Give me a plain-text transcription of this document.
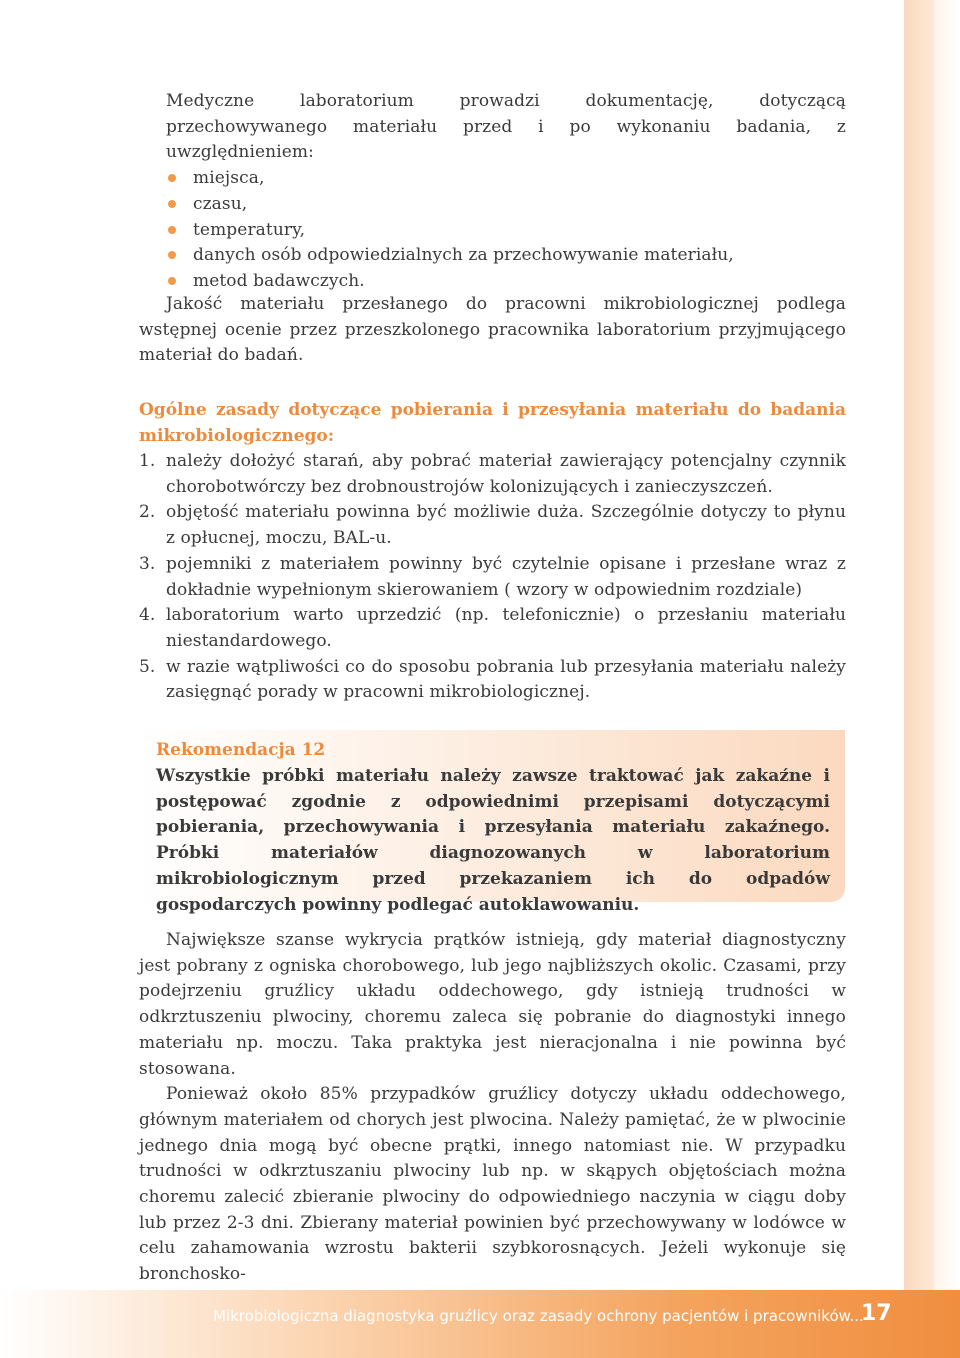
Medyczne laboratorium prowadzi dokumentację, dotyczącą przechowywanego materiału przed i po wykonaniu badania, z uwzględnieniem:
miejsca,
czasu,
temperatury,
danych osób odpowiedzialnych za przechowywanie materiału,
metod badawczych.
Jakość materiału przesłanego do pracowni mikrobiologicznej podlega wstępnej ocenie przez przeszkolonego pracownika laboratorium przyjmującego materiał do badań.
Ogólne zasady dotyczące pobierania i przesyłania materiału do badania mikrobiologicznego:
1. należy dołożyć starań, aby pobrać materiał zawierający potencjalny czynnik chorobotwórczy bez drobnoustrojów kolonizujących i zanieczyszczeń.
2. objętość materiału powinna być możliwie duża. Szczególnie dotyczy to płynu z opłucnej, moczu, BAL-u.
3. pojemniki z materiałem powinny być czytelnie opisane i przesłane wraz z dokładnie wypełnionym skierowaniem ( wzory w odpowiednim rozdziale)
4. laboratorium warto uprzedzić (np. telefonicznie) o przesłaniu materiału niestandardowego.
5. w razie wątpliwości co do sposobu pobrania lub przesyłania materiału należy zasięgnąć porady w pracowni mikrobiologicznej.
Rekomendacja 12
Wszystkie próbki materiału należy zawsze traktować jak zakaźne i postępować zgodnie z odpowiednimi przepisami dotyczącymi pobierania, przechowywania i przesyłania materiału zakaźnego. Próbki materiałów diagnozowanych w laboratorium mikrobiologicznym przed przekazaniem ich do odpadów gospodarczych powinny podlegać autoklawowaniu.

Największe szanse wykrycia prątków istnieją, gdy materiał diagnostyczny jest pobrany z ogniska chorobowego, lub jego najbliższych okolic. Czasami, przy podejrzeniu gruźlicy układu oddechowego, gdy istnieją trudności w odkrztuszeniu plwociny, choremu zaleca się pobranie do diagnostyki innego materiału np. moczu. Taka praktyka jest nieracjonalna i nie powinna być stosowana.

Ponieważ około 85% przypadków gruźlicy dotyczy układu oddechowego, głównym materiałem od chorych jest plwocina. Należy pamiętać, że w plwocinie jednego dnia mogą być obecne prątki, innego natomiast nie. W przypadku trudności w odkrztuszaniu plwociny lub np. w skąpych objętościach można choremu zalecić zbieranie plwociny do odpowiedniego naczynia w ciągu doby lub przez 2-3 dni. Zbierany materiał powinien być przechowywany w lodówce w celu zahamowania wzrostu bakterii szybkorosnących. Jeżeli wykonuje się bronchosko-

Mikrobiologiczna diagnostyka gruźlicy oraz zasady ochrony pacjentów i pracowników...
17
